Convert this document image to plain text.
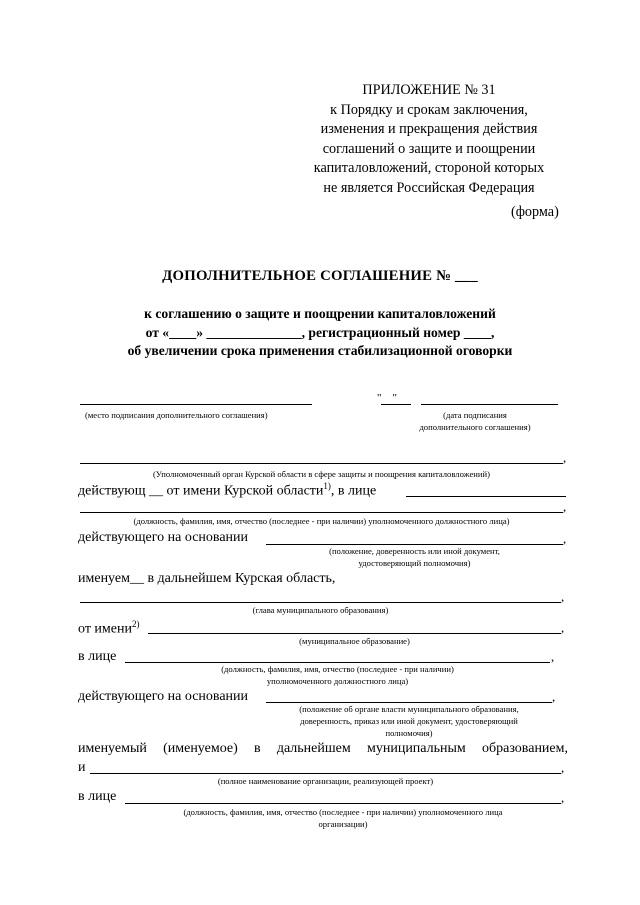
ПРИЛОЖЕНИЕ № 31
к Порядку и срокам заключения,
изменения и прекращения действия
соглашений о защите и поощрении
капиталовложений, стороной которых
не является Российская Федерация
(форма)
ДОПОЛНИТЕЛЬНОЕ СОГЛАШЕНИЕ № ___
к соглашению о защите и поощрении капиталовложений
от «____» ______________, регистрационный номер ____,
об увеличении срока применения стабилизационной оговорки
(место подписания дополнительного соглашения)
"    "
(дата подписания
дополнительного соглашения)
,
(Уполномоченный орган Курской области в сфере защиты и поощрения капиталовложений)
действующ __ от имени Курской области$^{1)}$, в лице
,
(должность, фамилия, имя, отчество (последнее - при наличии) уполномоченного должностного лица)
действующего на основании	,
(положение, доверенность или иной документ,
удостоверяющий полномочия)
именуем__ в дальнейшем Курская область,
,
(глава муниципального образования)
от имени$^{2)}$	,
(муниципальное образование)
в лице	,
(должность, фамилия, имя, отчество (последнее - при наличии)
уполномоченного должностного лица)
действующего на основании	,
(положение об органе власти муниципального образования,
доверенность, приказ или иной документ, удостоверяющий
полномочия)
именуемый (именуемое) в дальнейшем муниципальным образованием,
и	,
(полное наименование организации, реализующей проект)
в лице	,
(должность, фамилия, имя, отчество (последнее - при наличии) уполномоченного лица
организации)
